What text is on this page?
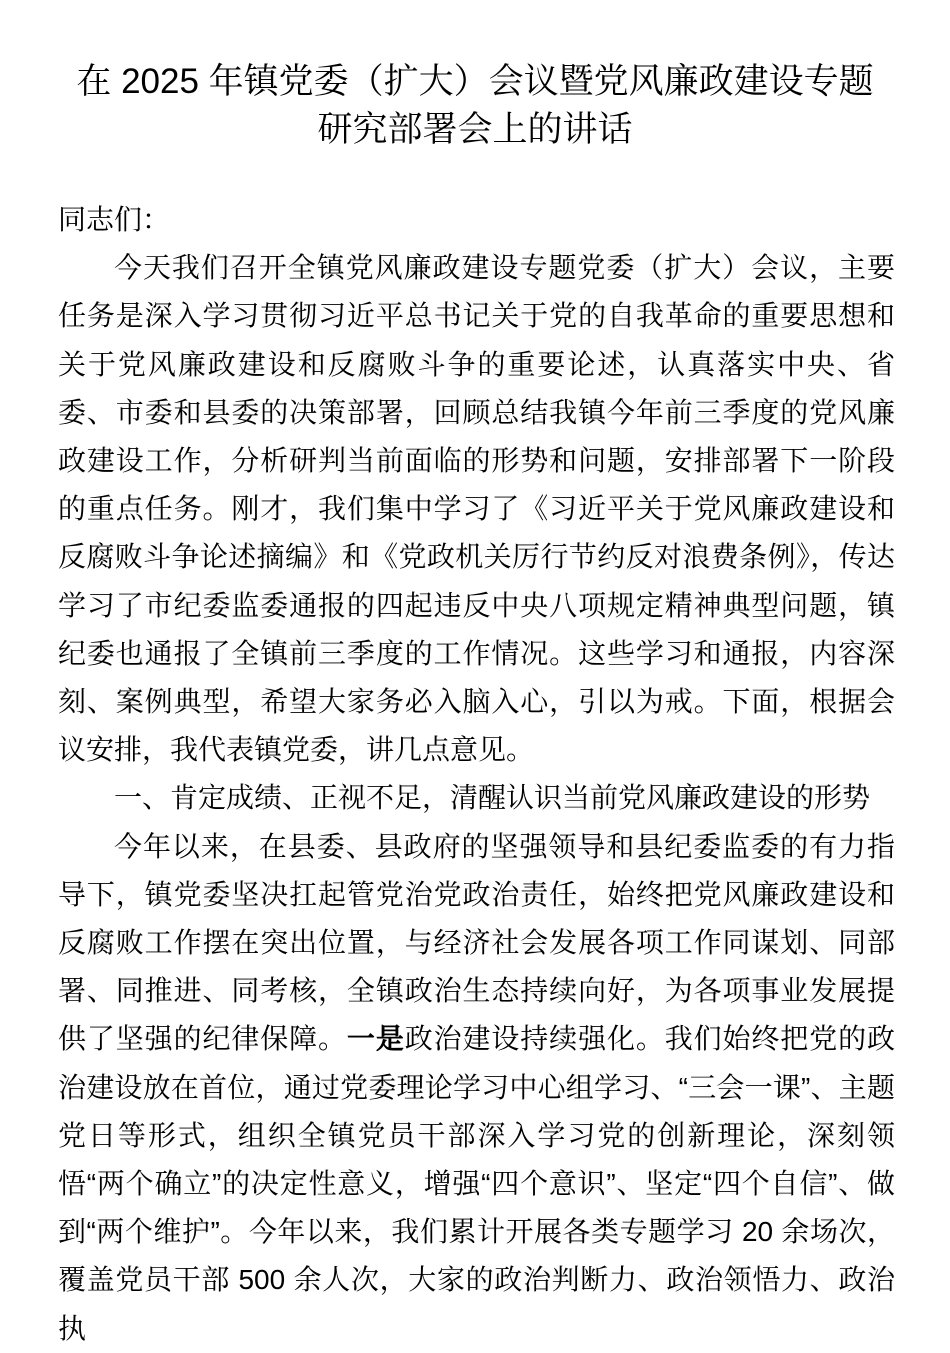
在 2025 年镇党委（扩大）会议暨党风廉政建设专题
研究部署会上的讲话

同志们：

今天我们召开全镇党风廉政建设专题党委（扩大）会议，主要任务是深入学习贯彻习近平总书记关于党的自我革命的重要思想和关于党风廉政建设和反腐败斗争的重要论述，认真落实中央、省委、市委和县委的决策部署，回顾总结我镇今年前三季度的党风廉政建设工作，分析研判当前面临的形势和问题，安排部署下一阶段的重点任务。刚才，我们集中学习了《习近平关于党风廉政建设和反腐败斗争论述摘编》和《党政机关厉行节约反对浪费条例》，传达学习了市纪委监委通报的四起违反中央八项规定精神典型问题，镇纪委也通报了全镇前三季度的工作情况。这些学习和通报，内容深刻、案例典型，希望大家务必入脑入心，引以为戒。下面，根据会议安排，我代表镇党委，讲几点意见。

一、肯定成绩、正视不足，清醒认识当前党风廉政建设的形势

今年以来，在县委、县政府的坚强领导和县纪委监委的有力指导下，镇党委坚决扛起管党治党政治责任，始终把党风廉政建设和反腐败工作摆在突出位置，与经济社会发展各项工作同谋划、同部署、同推进、同考核，全镇政治生态持续向好，为各项事业发展提供了坚强的纪律保障。一是政治建设持续强化。我们始终把党的政治建设放在首位，通过党委理论学习中心组学习、“三会一课”、主题党日等形式，组织全镇党员干部深入学习党的创新理论，深刻领悟“两个确立”的决定性意义，增强“四个意识”、坚定“四个自信”、做到“两个维护”。今年以来，我们累计开展各类专题学习 20 余场次，覆盖党员干部 500 余人次，大家的政治判断力、政治领悟力、政治执
